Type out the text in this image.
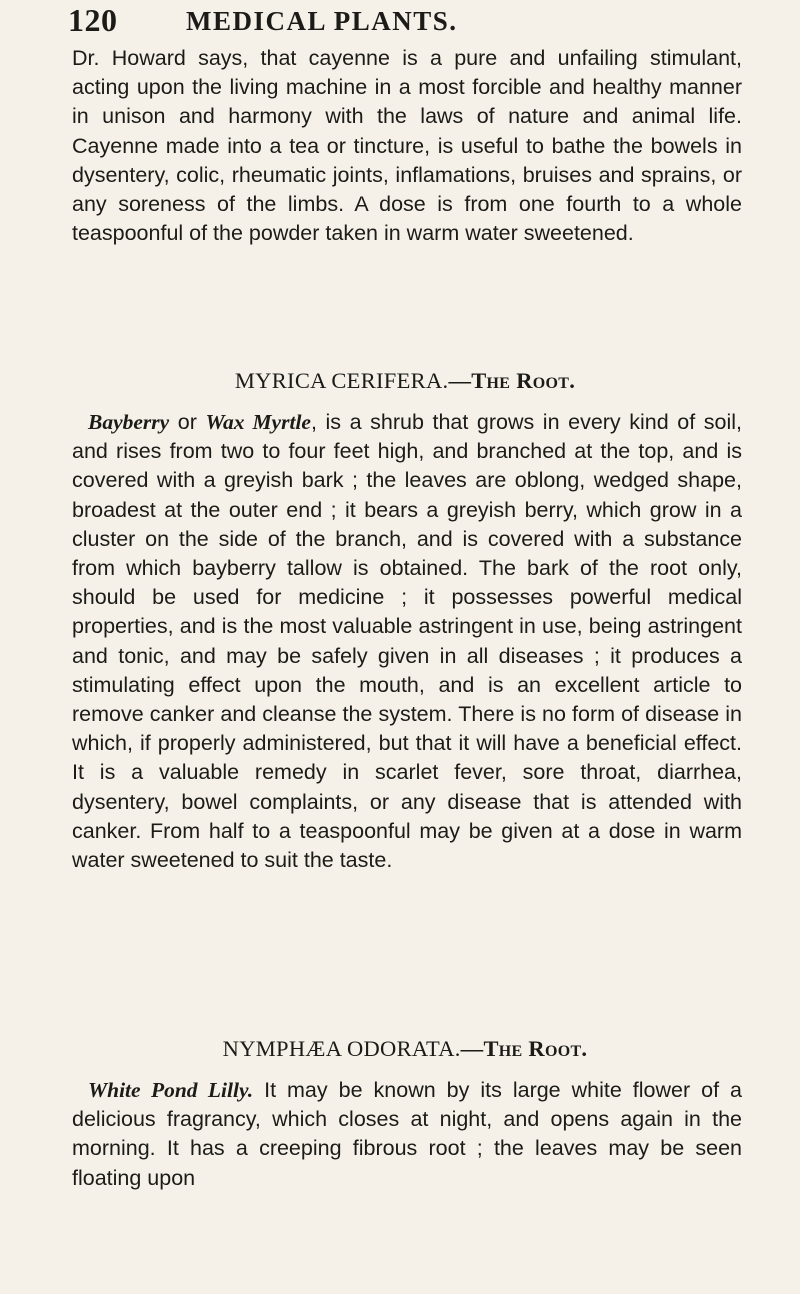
120	MEDICAL PLANTS.

Dr. Howard says, that cayenne is a pure and unfailing stimulant, acting upon the living machine in a most forcible and healthy manner in unison and harmony with the laws of nature and animal life. Cayenne made into a tea or tincture, is useful to bathe the bowels in dysentery, colic, rheumatic joints, inflamations, bruises and sprains, or any soreness of the limbs. A dose is from one fourth to a whole teaspoonful of the powder taken in warm water sweetened.

MYRICA CERIFERA.—The Root.

Bayberry or Wax Myrtle, is a shrub that grows in every kind of soil, and rises from two to four feet high, and branched at the top, and is covered with a greyish bark ; the leaves are oblong, wedged shape, broadest at the outer end ; it bears a greyish berry, which grow in a cluster on the side of the branch, and is covered with a substance from which bayberry tallow is obtained. The bark of the root only, should be used for medicine ; it possesses powerful medical properties, and is the most valuable astringent in use, being astringent and tonic, and may be safely given in all diseases ; it produces a stimulating effect upon the mouth, and is an excellent article to remove canker and cleanse the system. There is no form of disease in which, if properly administered, but that it will have a beneficial effect. It is a valuable remedy in scarlet fever, sore throat, diarrhea, dysentery, bowel complaints, or any disease that is attended with canker. From half to a teaspoonful may be given at a dose in warm water sweetened to suit the taste.

NYMPHÆA ODORATA.—The Root.

White Pond Lilly. It may be known by its large white flower of a delicious fragrancy, which closes at night, and opens again in the morning. It has a creeping fibrous root ; the leaves may be seen floating upon
